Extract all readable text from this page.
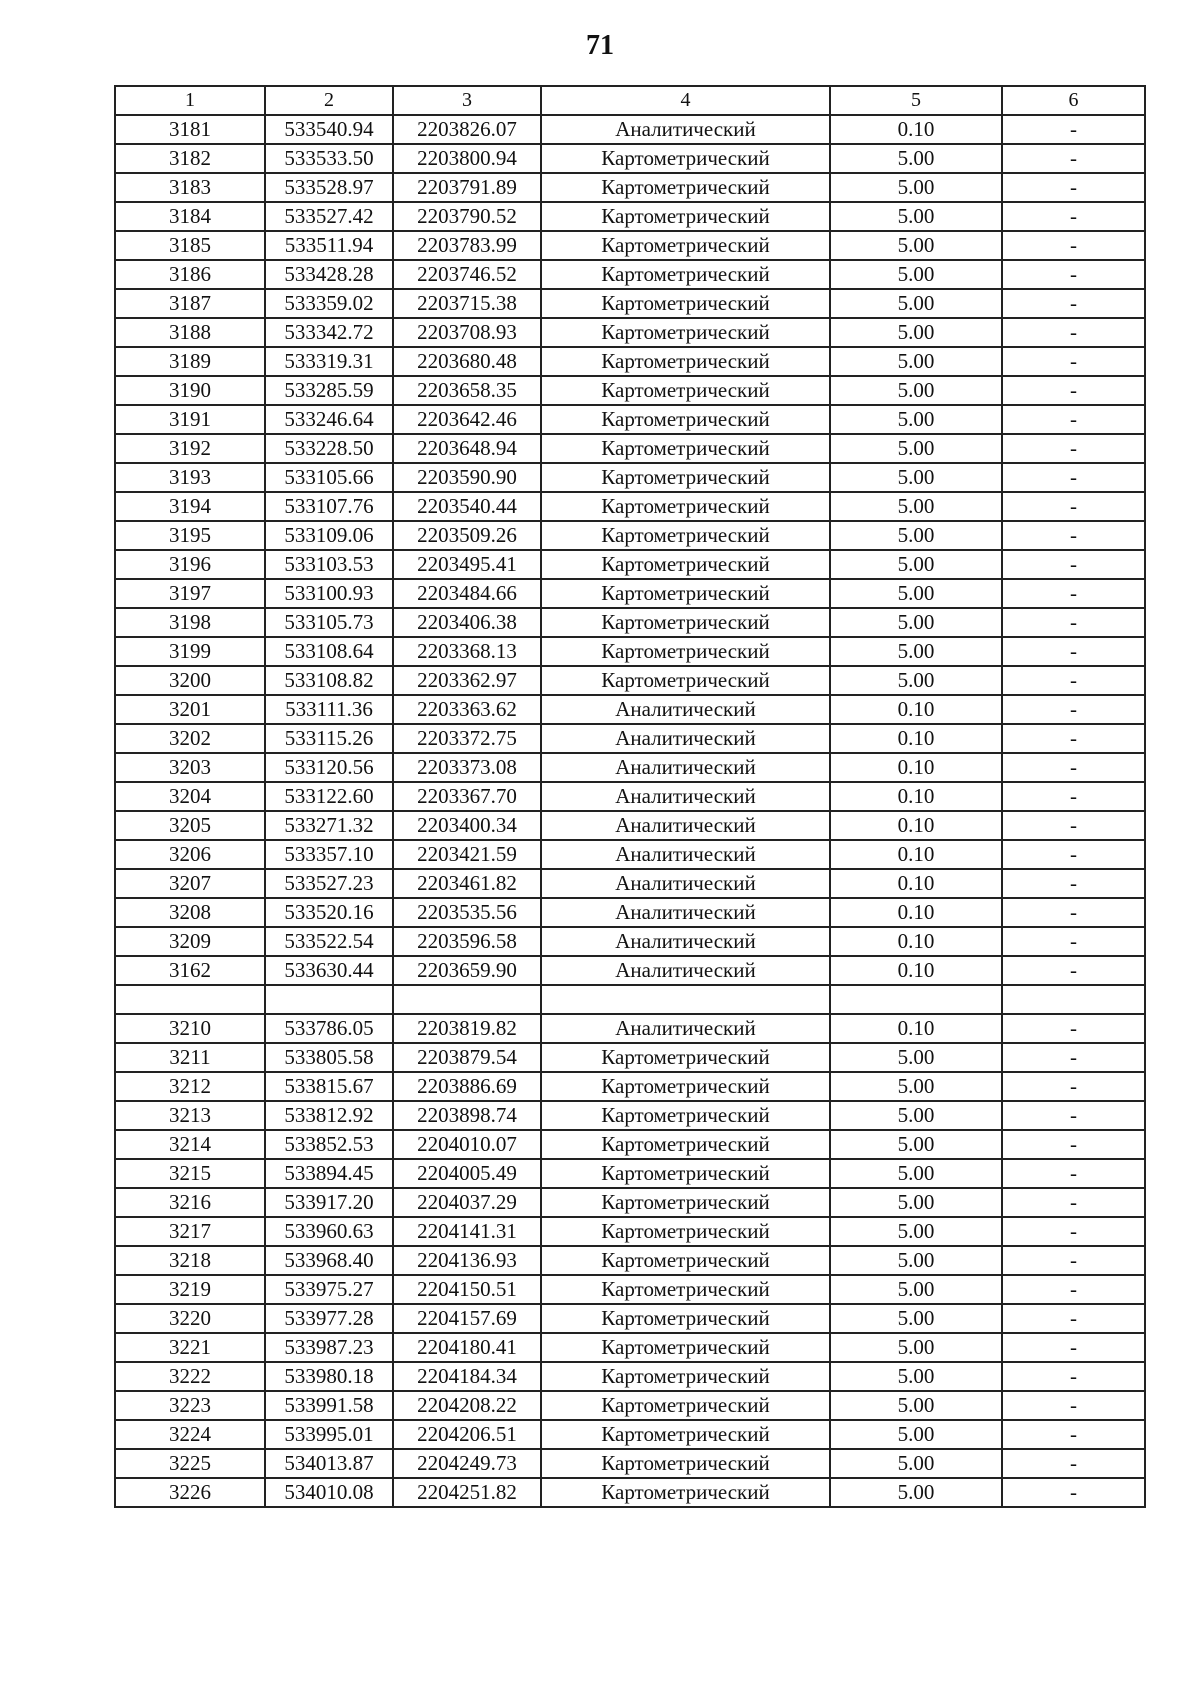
71
1	2	3	4	5	6
3181	533540.94	2203826.07	Аналитический	0.10	-
3182	533533.50	2203800.94	Картометрический	5.00	-
3183	533528.97	2203791.89	Картометрический	5.00	-
3184	533527.42	2203790.52	Картометрический	5.00	-
3185	533511.94	2203783.99	Картометрический	5.00	-
3186	533428.28	2203746.52	Картометрический	5.00	-
3187	533359.02	2203715.38	Картометрический	5.00	-
3188	533342.72	2203708.93	Картометрический	5.00	-
3189	533319.31	2203680.48	Картометрический	5.00	-
3190	533285.59	2203658.35	Картометрический	5.00	-
3191	533246.64	2203642.46	Картометрический	5.00	-
3192	533228.50	2203648.94	Картометрический	5.00	-
3193	533105.66	2203590.90	Картометрический	5.00	-
3194	533107.76	2203540.44	Картометрический	5.00	-
3195	533109.06	2203509.26	Картометрический	5.00	-
3196	533103.53	2203495.41	Картометрический	5.00	-
3197	533100.93	2203484.66	Картометрический	5.00	-
3198	533105.73	2203406.38	Картометрический	5.00	-
3199	533108.64	2203368.13	Картометрический	5.00	-
3200	533108.82	2203362.97	Картометрический	5.00	-
3201	533111.36	2203363.62	Аналитический	0.10	-
3202	533115.26	2203372.75	Аналитический	0.10	-
3203	533120.56	2203373.08	Аналитический	0.10	-
3204	533122.60	2203367.70	Аналитический	0.10	-
3205	533271.32	2203400.34	Аналитический	0.10	-
3206	533357.10	2203421.59	Аналитический	0.10	-
3207	533527.23	2203461.82	Аналитический	0.10	-
3208	533520.16	2203535.56	Аналитический	0.10	-
3209	533522.54	2203596.58	Аналитический	0.10	-
3162	533630.44	2203659.90	Аналитический	0.10	-

3210	533786.05	2203819.82	Аналитический	0.10	-
3211	533805.58	2203879.54	Картометрический	5.00	-
3212	533815.67	2203886.69	Картометрический	5.00	-
3213	533812.92	2203898.74	Картометрический	5.00	-
3214	533852.53	2204010.07	Картометрический	5.00	-
3215	533894.45	2204005.49	Картометрический	5.00	-
3216	533917.20	2204037.29	Картометрический	5.00	-
3217	533960.63	2204141.31	Картометрический	5.00	-
3218	533968.40	2204136.93	Картометрический	5.00	-
3219	533975.27	2204150.51	Картометрический	5.00	-
3220	533977.28	2204157.69	Картометрический	5.00	-
3221	533987.23	2204180.41	Картометрический	5.00	-
3222	533980.18	2204184.34	Картометрический	5.00	-
3223	533991.58	2204208.22	Картометрический	5.00	-
3224	533995.01	2204206.51	Картометрический	5.00	-
3225	534013.87	2204249.73	Картометрический	5.00	-
3226	534010.08	2204251.82	Картометрический	5.00	-
